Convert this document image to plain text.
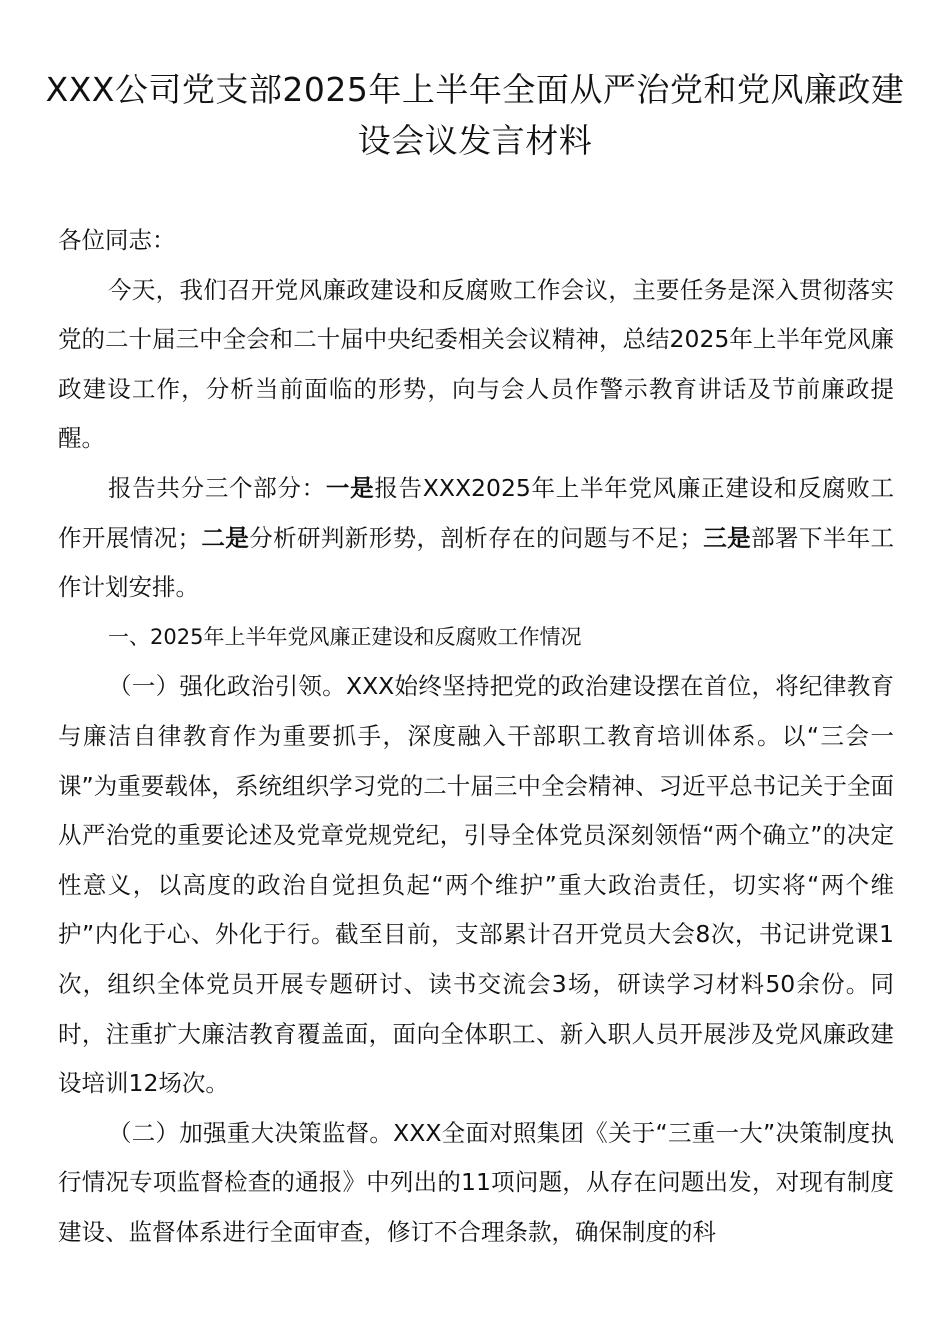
XXX公司党支部2025年上半年全面从严治党和党风廉政建设会议发言材料

各位同志：

今天，我们召开党风廉政建设和反腐败工作会议，主要任务是深入贯彻落实党的二十届三中全会和二十届中央纪委相关会议精神，总结2025年上半年党风廉政建设工作，分析当前面临的形势，向与会人员作警示教育讲话及节前廉政提醒。

报告共分三个部分：一是报告XXX2025年上半年党风廉正建设和反腐败工作开展情况；二是分析研判新形势，剖析存在的问题与不足；三是部署下半年工作计划安排。

一、2025年上半年党风廉正建设和反腐败工作情况

（一）强化政治引领。XXX始终坚持把党的政治建设摆在首位，将纪律教育与廉洁自律教育作为重要抓手，深度融入干部职工教育培训体系。以“三会一课”为重要载体，系统组织学习党的二十届三中全会精神、习近平总书记关于全面从严治党的重要论述及党章党规党纪，引导全体党员深刻领悟“两个确立”的决定性意义，以高度的政治自觉担负起“两个维护”重大政治责任，切实将“两个维护”内化于心、外化于行。截至目前，支部累计召开党员大会8次，书记讲党课1次，组织全体党员开展专题研讨、读书交流会3场，研读学习材料50余份。同时，注重扩大廉洁教育覆盖面，面向全体职工、新入职人员开展涉及党风廉政建设培训12场次。

（二）加强重大决策监督。XXX全面对照集团《关于“三重一大”决策制度执行情况专项监督检查的通报》中列出的11项问题，从存在问题出发，对现有制度建设、监督体系进行全面审查，修订不合理条款，确保制度的科
